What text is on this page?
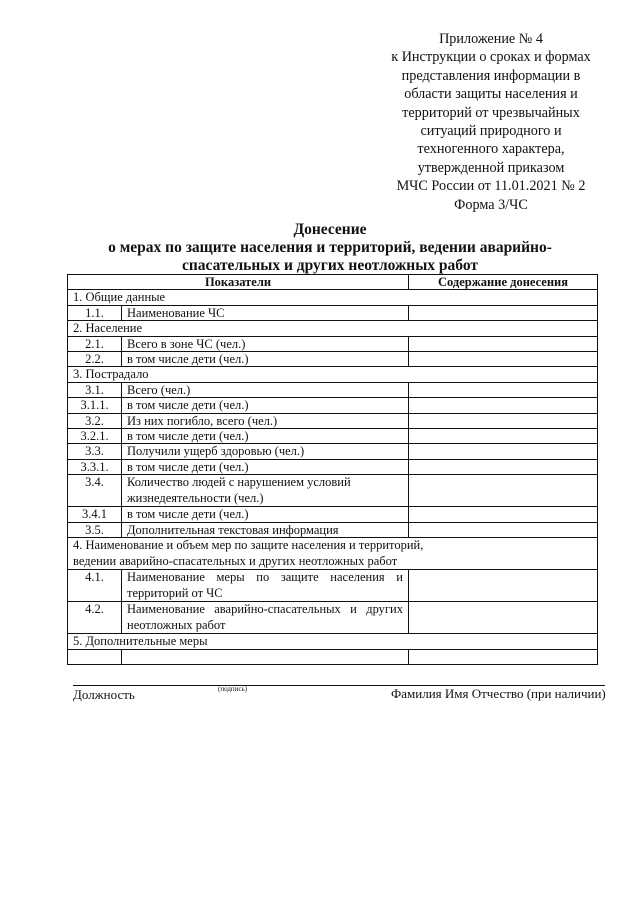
Приложение № 4
к Инструкции о сроках и формах
представления информации в
области защиты населения и
территорий от чрезвычайных
ситуаций природного и
техногенного характера,
утвержденной приказом
МЧС России от 11.01.2021 № 2
Форма 3/ЧС
Донесение
о мерах по защите населения и территорий, ведении аварийно-
спасательных и других неотложных работ
Показатели		Содержание донесения
1. Общие данные		
1.1.	Наименование ЧС	
2. Население		
2.1.	Всего в зоне ЧС (чел.)	
2.2.	в том числе дети (чел.)	
3. Пострадало		
3.1.	Всего (чел.)	
3.1.1.	в том числе дети (чел.)	
3.2.	Из них погибло, всего (чел.)	
3.2.1.	в том числе дети (чел.)	
3.3.	Получили ущерб здоровью (чел.)	
3.3.1.	в том числе дети (чел.)	
3.4.	Количество людей с нарушением условий
жизнедеятельности (чел.)	

3.4.1	в том числе дети (чел.)	
3.5.	Дополнительная текстовая информация	

4. Наименование и объем мер по защите населения и территорий,
ведении аварийно-спасательных и других неотложных работ		

4.1.	Наименование меры по защите населения и
территорий от ЧС	

4.2.	Наименование аварийно-спасательных и других
неотложных работ	

5. Дополнительные меры		

Должность	(подпись)	Фамилия Имя Отчество (при наличии)
